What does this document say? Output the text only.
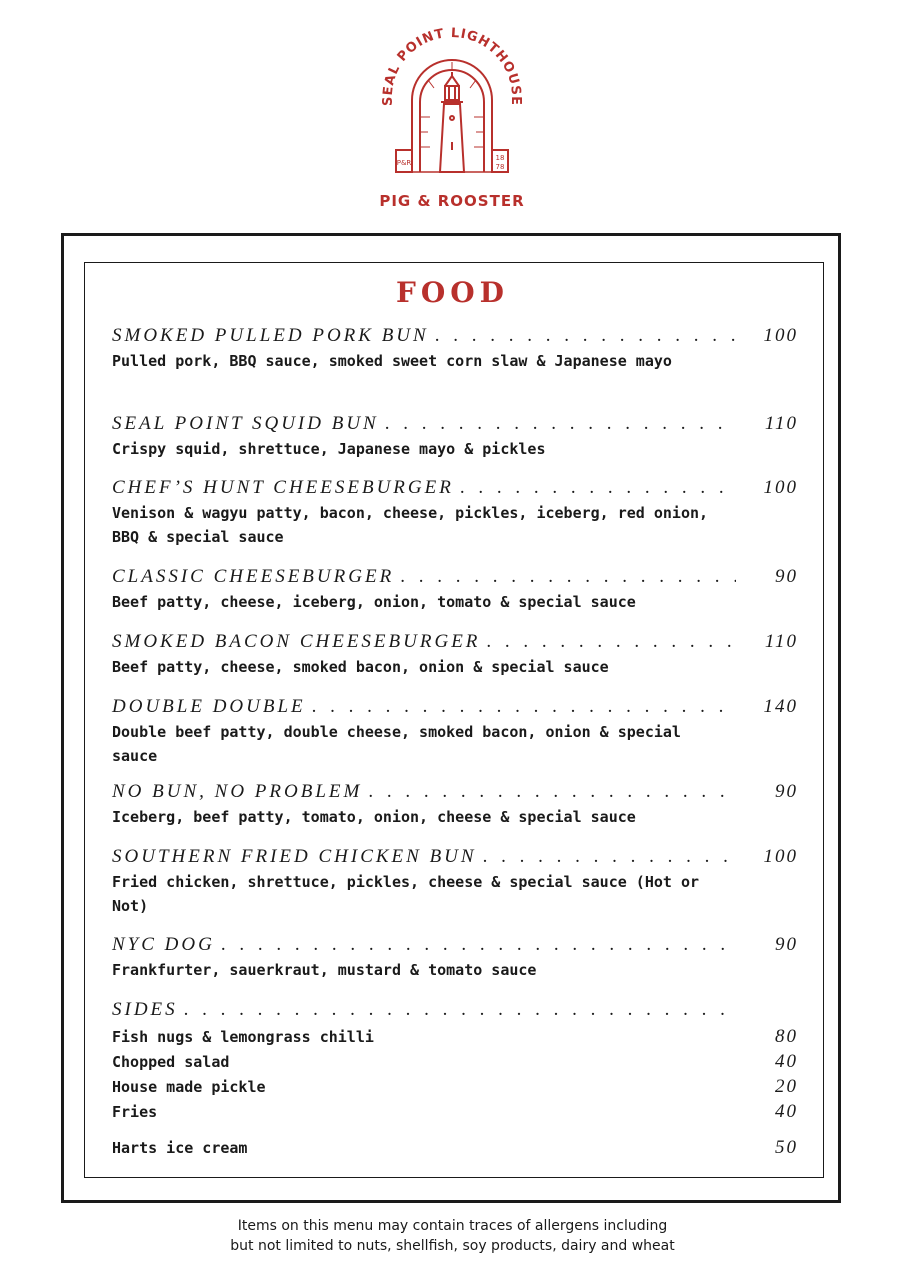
SEAL POINT LIGHTHOUSE
P&R
18
78
PIG & ROOSTER
FOOD
SMOKED PULLED PORK BUN . . .	100
Pulled pork, BBQ sauce, smoked sweet corn slaw & Japanese mayo
SEAL POINT SQUID BUN . . .	110
Crispy squid, shrettuce, Japanese mayo & pickles
CHEF’S HUNT CHEESEBURGER . . .	100
Venison & wagyu patty, bacon, cheese, pickles, iceberg, red onion, BBQ & special sauce
CLASSIC CHEESEBURGER . . .	90
Beef patty, cheese, iceberg, onion, tomato & special sauce
SMOKED BACON CHEESEBURGER . . .	110
Beef patty, cheese, smoked bacon, onion & special sauce
DOUBLE DOUBLE . . .	140
Double beef patty, double cheese, smoked bacon, onion & special sauce
NO BUN, NO PROBLEM . . .	90
Iceberg, beef patty, tomato, onion, cheese & special sauce
SOUTHERN FRIED CHICKEN BUN . . .	100
Fried chicken, shrettuce, pickles, cheese & special sauce (Hot or Not)
NYC DOG . . .	90
Frankfurter, sauerkraut, mustard & tomato sauce
SIDES
. . .
Fish nugs & lemongrass chilli	80
Chopped salad	40
House made pickle	20
Fries	40
Harts ice cream	50
Items on this menu may contain traces of allergens including
but not limited to nuts, shellfish, soy products, dairy and wheat
